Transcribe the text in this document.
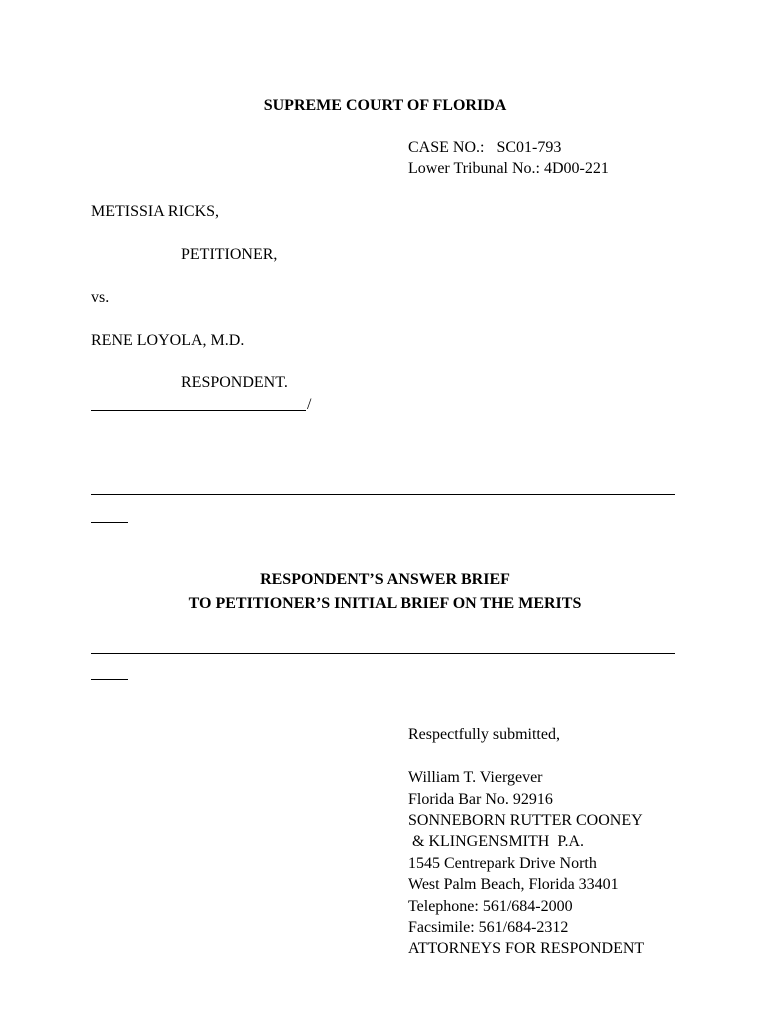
SUPREME COURT OF FLORIDA
CASE NO.:   SC01-793
Lower Tribunal No.: 4D00-221
METISSIA RICKS,
PETITIONER,
vs.
RENE LOYOLA, M.D.
RESPONDENT.
/
RESPONDENT’S ANSWER BRIEF
TO PETITIONER’S INITIAL BRIEF ON THE MERITS
Respectfully submitted,
William T. Viergever
Florida Bar No. 92916
SONNEBORN RUTTER COONEY
& KLINGENSMITH  P.A.
1545 Centrepark Drive North
West Palm Beach, Florida 33401
Telephone: 561/684-2000
Facsimile: 561/684-2312
ATTORNEYS FOR RESPONDENT
